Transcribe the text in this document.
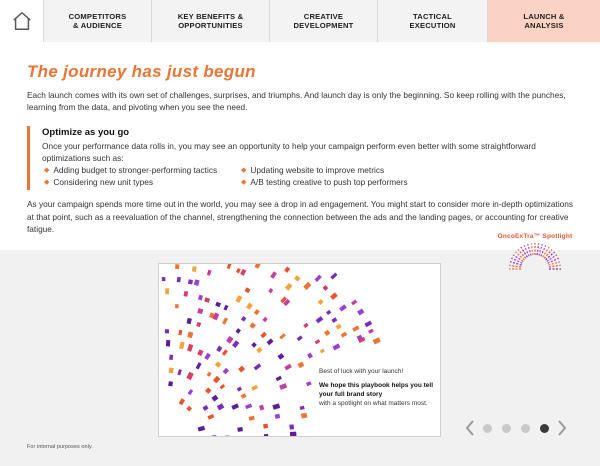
COMPETITORS
& AUDIENCE
KEY BENEFITS &
OPPORTUNITIES
CREATIVE
DEVELOPMENT
TACTICAL
EXECUTION
LAUNCH &
ANALYSIS
The journey has just begun
Each launch comes with its own set of challenges, surprises, and triumphs. And launch day is only the beginning. So keep rolling with the punches, learning from the data, and pivoting when you see the need.
Optimize as you go
Once your performance data rolls in, you may see an opportunity to help your campaign perform even better with some straightforward optimizations such as:
◆ Adding budget to stronger-performing tactics	◆ Updating website to improve metrics
◆ Considering new unit types	◆ A/B testing creative to push top performers
As your campaign spends more time out in the world, you may see a drop in ad engagement. You might start to consider more in-depth optimizations at that point, such as a reevaluation of the channel, strengthening the connection between the ads and the landing pages, or accounting for creative fatigue.
OncoExTra™ Spotlight
Best of luck with your launch!
We hope this playbook helps you tell your full brand story
with a spotlight on what matters most.
For internal purposes only.
